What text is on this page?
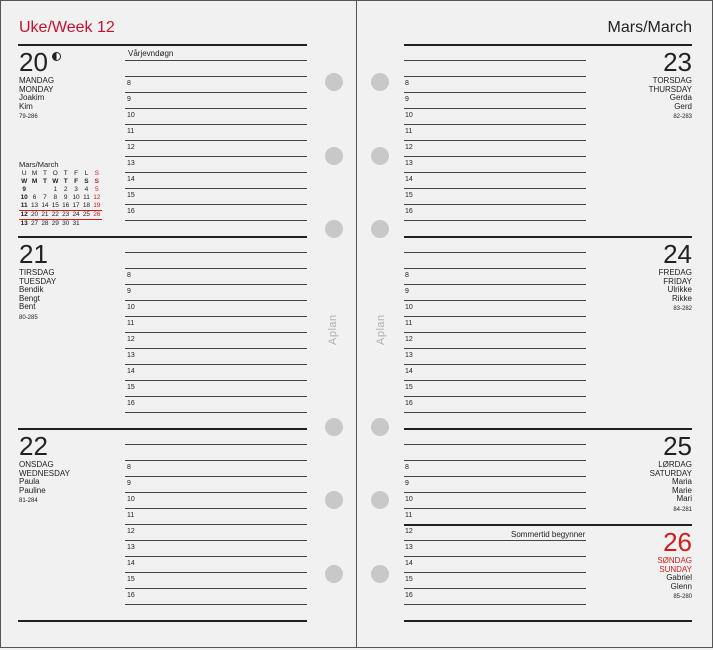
Uke/Week 12
20
MANDAG
MONDAY
Joakim
Kim
79-286
Vårjevndøgn
Mars/March
U	M	T	O	T	F	L	S
W	M	T	W	T	F	S	S
9			1	2	3	4	5
10	6	7	8	9	10	11	12
11	13	14	15	16	17	18	19
12	20	21	22	23	24	25	26
13	27	28	29	30	31		
21
TIRSDAG
TUESDAY
Bendik
Bengt
Bent
80-285
22
ONSDAG
WEDNESDAY
Paula
Pauline
81-284
Aplan
Mars/March
23
TORSDAG
THURSDAY
Gerda
Gerd
82-283
24
FREDAG
FRIDAY
Ulrikke
Rikke
83-282
25
LØRDAG
SATURDAY
Maria
Marie
Mari
84-281
26
SØNDAG
SUNDAY
Gabriel
Glenn
85-280
Sommertid begynner
Aplan
8	8
9	9
10	10
11	11
12	12
13	13
14	14
15	15
16	16
8	8
9	9
10	10
11	11
12	12
13	13
14	14
15	15
16	16
8	8
9	9
10	10
11	11
12	12
13	13
14	14
15	15
16	16
